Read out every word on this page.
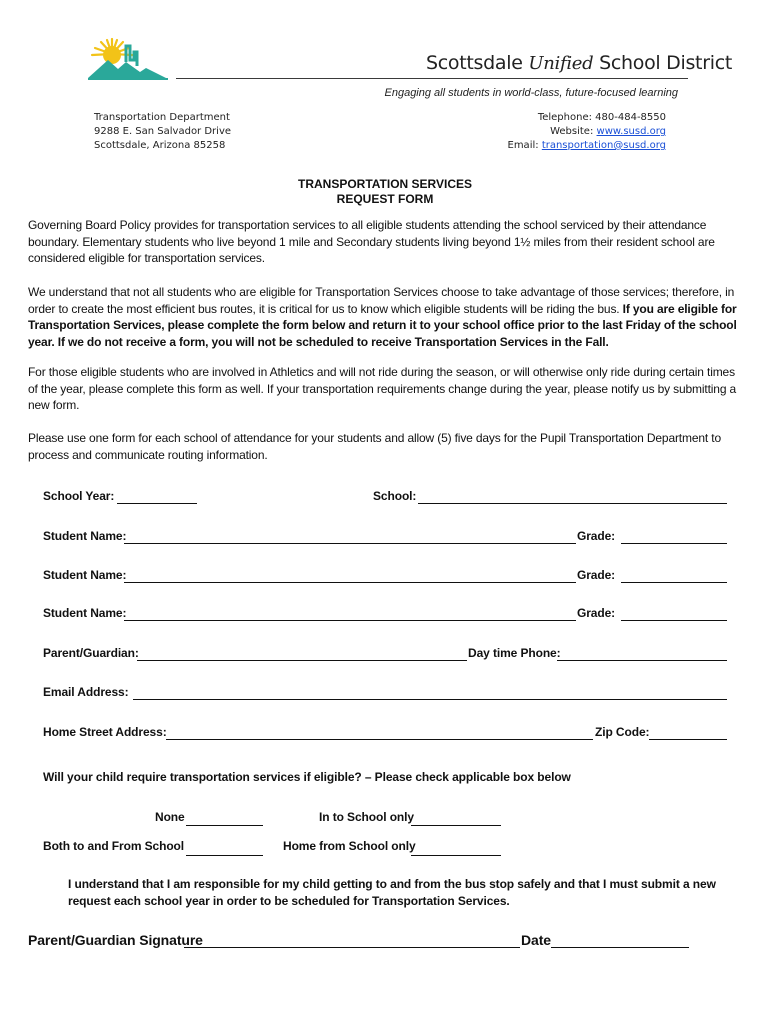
Scottsdale Unified School District
Engaging all students in world-class, future-focused learning
Transportation Department
9288 E. San Salvador Drive
Scottsdale, Arizona 85258
Telephone: 480-484-8550
Website: www.susd.org
Email: transportation@susd.org
TRANSPORTATION SERVICES
REQUEST FORM
Governing Board Policy provides for transportation services to all eligible students attending the school serviced by their attendance boundary. Elementary students who live beyond 1 mile and Secondary students living beyond 1½ miles from their resident school are considered eligible for transportation services.
We understand that not all students who are eligible for Transportation Services choose to take advantage of those services; therefore, in order to create the most efficient bus routes, it is critical for us to know which eligible students will be riding the bus. If you are eligible for Transportation Services, please complete the form below and return it to your school office prior to the last Friday of the school year. If we do not receive a form, you will not be scheduled to receive Transportation Services in the Fall.
For those eligible students who are involved in Athletics and will not ride during the season, or will otherwise only ride during certain times of the year, please complete this form as well. If your transportation requirements change during the year, please notify us by submitting a new form.
Please use one form for each school of attendance for your students and allow (5) five days for the Pupil Transportation Department to process and communicate routing information.
School Year:	School:
Student Name:	Grade:
Student Name:	Grade:
Student Name:	Grade:
Parent/Guardian:	Day time Phone:
Email Address:
Home Street Address:	Zip Code:
Will your child require transportation services if eligible? – Please check applicable box below
None	In to School only
Both to and From School	Home from School only
I understand that I am responsible for my child getting to and from the bus stop safely and that I must submit a new request each school year in order to be scheduled for Transportation Services.
Parent/Guardian Signature	Date
